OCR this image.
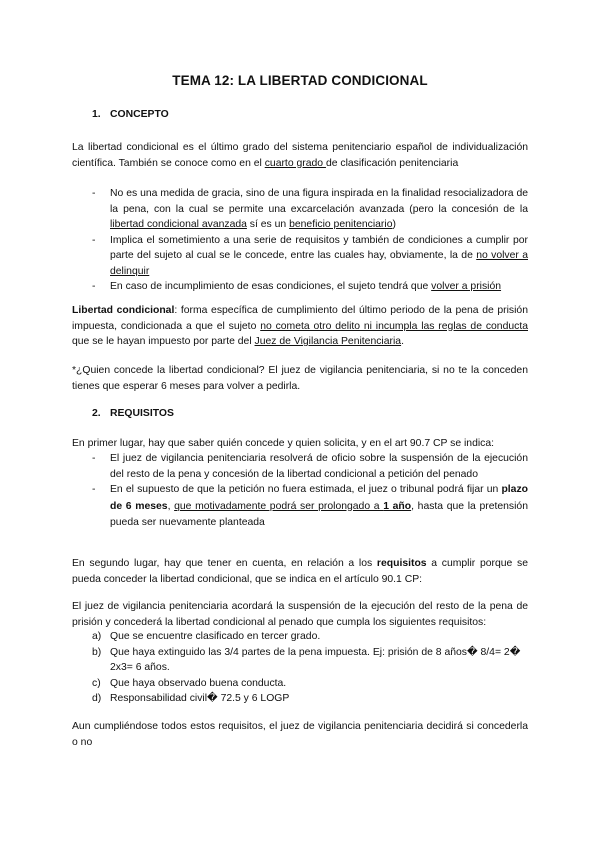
TEMA 12: LA LIBERTAD CONDICIONAL
1. CONCEPTO
La libertad condicional es el último grado del sistema penitenciario español de individualización científica. También se conoce como en el cuarto grado de clasificación penitenciaria
- No es una medida de gracia, sino de una figura inspirada en la finalidad resocializadora de la pena, con la cual se permite una excarcelación avanzada (pero la concesión de la libertad condicional avanzada sí es un beneficio penitenciario)
- Implica el sometimiento a una serie de requisitos y también de condiciones a cumplir por parte del sujeto al cual se le concede, entre las cuales hay, obviamente, la de no volver a delinquir
- En caso de incumplimiento de esas condiciones, el sujeto tendrá que volver a prisión
Libertad condicional: forma específica de cumplimiento del último periodo de la pena de prisión impuesta, condicionada a que el sujeto no cometa otro delito ni incumpla las reglas de conducta que se le hayan impuesto por parte del Juez de Vigilancia Penitenciaria.
*¿Quien concede la libertad condicional? El juez de vigilancia penitenciaria, si no te la conceden tienes que esperar 6 meses para volver a pedirla.
2. REQUISITOS
En primer lugar, hay que saber quién concede y quien solicita, y en el art 90.7 CP se indica:
- El juez de vigilancia penitenciaria resolverá de oficio sobre la suspensión de la ejecución del resto de la pena y concesión de la libertad condicional a petición del penado
- En el supuesto de que la petición no fuera estimada, el juez o tribunal podrá fijar un plazo de 6 meses, que motivadamente podrá ser prolongado a 1 año, hasta que la pretensión pueda ser nuevamente planteada
En segundo lugar, hay que tener en cuenta, en relación a los requisitos a cumplir porque se pueda conceder la libertad condicional, que se indica en el artículo 90.1 CP:
El juez de vigilancia penitenciaria acordará la suspensión de la ejecución del resto de la pena de prisión y concederá la libertad condicional al penado que cumpla los siguientes requisitos:
a) Que se encuentre clasificado en tercer grado.
b) Que haya extinguido las 3/4 partes de la pena impuesta. Ej: prisión de 8 años� 8/4= 2� 2x3= 6 años.
c) Que haya observado buena conducta.
d) Responsabilidad civil� 72.5 y 6 LOGP
Aun cumpliéndose todos estos requisitos, el juez de vigilancia penitenciaria decidirá si concederla o no
